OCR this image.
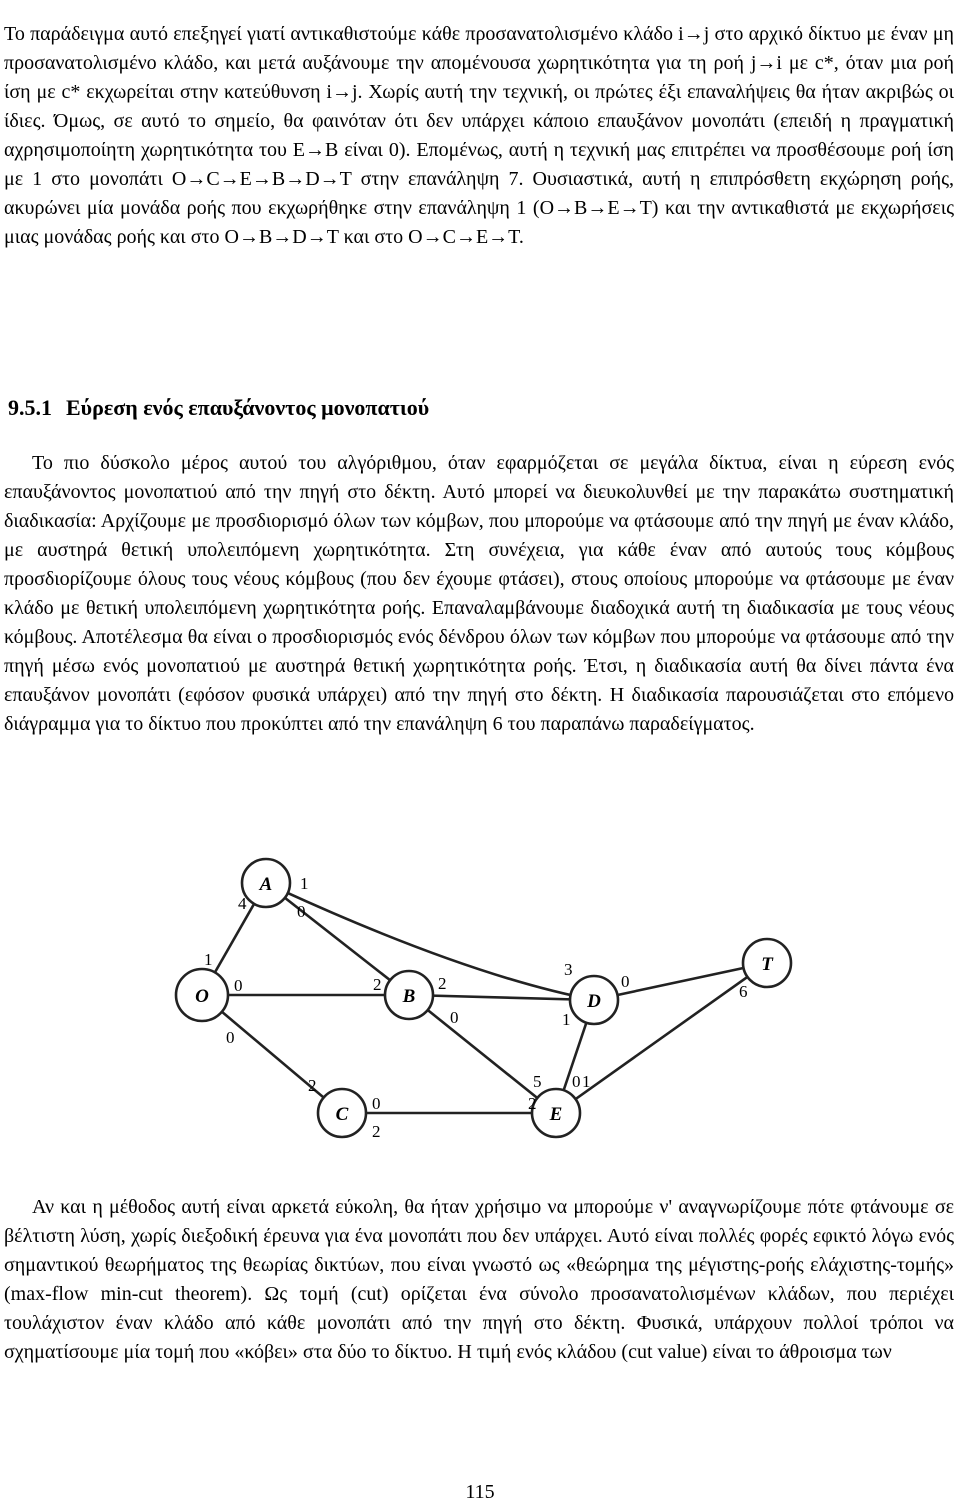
Το παράδειγμα αυτό επεξηγεί γιατί αντικαθιστούμε κάθε προσανατολισμένο κλάδο i→j στο αρχικό δίκτυο με έναν μη προσανατολισμένο κλάδο, και μετά αυξάνουμε την απομένουσα χωρητικότητα για τη ροή j→i με c*, όταν μια ροή ίση με c* εκχωρείται στην κατεύθυνση i→j. Χωρίς αυτή την τεχνική, οι πρώτες έξι επαναλήψεις θα ήταν ακριβώς οι ίδιες. Όμως, σε αυτό το σημείο, θα φαινόταν ότι δεν υπάρχει κάποιο επαυξάνον μονοπάτι (επειδή η πραγματική αχρησιμοποίητη χωρητικότητα του E→B είναι 0). Επομένως, αυτή η τεχνική μας επιτρέπει να προσθέσουμε ροή ίση με 1 στο μονοπάτι O→C→E→B→D→T στην επανάληψη 7. Ουσιαστικά, αυτή η επιπρόσθετη εκχώρηση ροής, ακυρώνει μία μονάδα ροής που εκχωρήθηκε στην επανάληψη 1 (O→B→E→T) και την αντικαθιστά με εκχωρήσεις μιας μονάδας ροής και στο O→B→D→T και στο O→C→E→T.

9.5.1 Εύρεση ενός επαυξάνοντος μονοπατιού

Το πιο δύσκολο μέρος αυτού του αλγόριθμου, όταν εφαρμόζεται σε μεγάλα δίκτυα, είναι η εύρεση ενός επαυξάνοντος μονοπατιού από την πηγή στο δέκτη. Αυτό μπορεί να διευκολυνθεί με την παρακάτω συστηματική διαδικασία: Αρχίζουμε με προσδιορισμό όλων των κόμβων, που μπορούμε να φτάσουμε από την πηγή με έναν κλάδο, με αυστηρά θετική υπολειπόμενη χωρητικότητα. Στη συνέχεια, για κάθε έναν από αυτούς τους κόμβους προσδιορίζουμε όλους τους νέους κόμβους (που δεν έχουμε φτάσει), στους οποίους μπορούμε να φτάσουμε με έναν κλάδο με θετική υπολειπόμενη χωρητικότητα ροής. Επαναλαμβάνουμε διαδοχικά αυτή τη διαδικασία με τους νέους κόμβους. Αποτέλεσμα θα είναι ο προσδιορισμός ενός δένδρου όλων των κόμβων που μπορούμε να φτάσουμε από την πηγή μέσω ενός μονοπατιού με αυστηρά θετική χωρητικότητα ροής. Έτσι, η διαδικασία αυτή θα δίνει πάντα ένα επαυξάνον μονοπάτι (εφόσον φυσικά υπάρχει) από την πηγή στο δέκτη. Η διαδικασία παρουσιάζεται στο επόμενο διάγραμμα για το δίκτυο που προκύπτει από την επανάληψη 6 του παραπάνω παραδείγματος.

O
A
B
C
D
E
T
4
1
0	2
0
2
0
1
3
2
1
0
5
0	2
0
0
6
1
2

Αν και η μέθοδος αυτή είναι αρκετά εύκολη, θα ήταν χρήσιμο να μπορούμε ν' αναγνωρίζουμε πότε φτάνουμε σε βέλτιστη λύση, χωρίς διεξοδική έρευνα για ένα μονοπάτι που δεν υπάρχει. Αυτό είναι πολλές φορές εφικτό λόγω ενός σημαντικού θεωρήματος της θεωρίας δικτύων, που είναι γνωστό ως «θεώρημα της μέγιστης-ροής ελάχιστης-τομής» (max-flow min-cut theorem). Ως τομή (cut) ορίζεται ένα σύνολο προσανατολισμένων κλάδων, που περιέχει τουλάχιστον έναν κλάδο από κάθε μονοπάτι από την πηγή στο δέκτη. Φυσικά, υπάρχουν πολλοί τρόποι να σχηματίσουμε μία τομή που «κόβει» στα δύο το δίκτυο. Η τιμή ενός κλάδου (cut value) είναι το άθροισμα των

115
